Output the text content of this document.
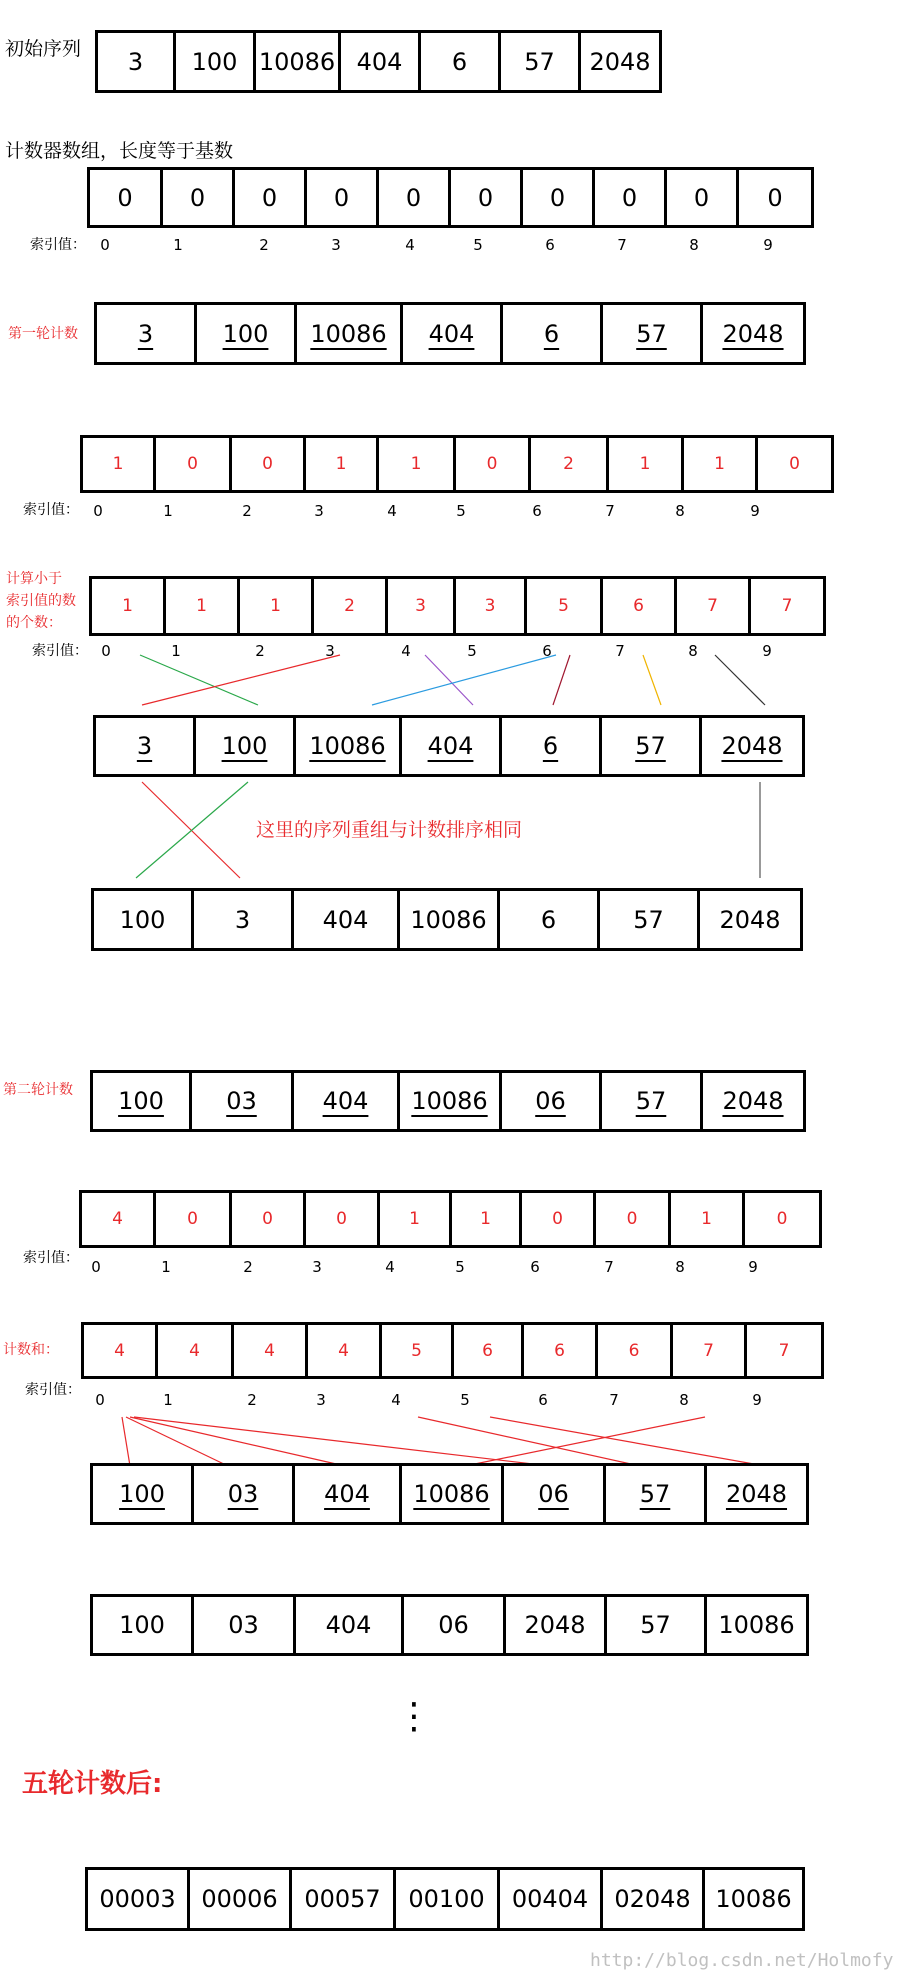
初始序列
计数器数组，长度等于基数
第一轮计数
计算小于
索引值的数
的个数：
这里的序列重组与计数排序相同
第二轮计数
计数和：
五轮计数后:
索引值：
索引值：
索引值：
索引值：
索引值：
3 100 10086 404 6 57 2048
0 0 0 0 0 0 0 0 0 0
3	100 10086 404	6	57 2048
1	0	0	1	1	0	2	1	1	0
1	1	1	2	3	3	5	6	7	7
3	100 10086 404	6	57 2048
100	3	404 10086 6	57 2048
100	03	404 10086 06	57 2048
4	0	0	0	1	1	0	0	1	0
4	4	4	4	5	6	6	6	7	7
100	03	404 10086 06	57 2048
100	03	404	06 2048 57 10086
⋮
00003 00006 00057 00100 00404 02048 10086
http://blog.csdn.net/Holmofy
0	1	2	3	4	5	6	7	8	9
0	1	2	3	4	5	6	7	8	9
0	1	2	3	4	5	6	7	8	9
0	1	2	3	4	5	6	7	8	9
0	1	2	3	4	5	6	7	8	9
